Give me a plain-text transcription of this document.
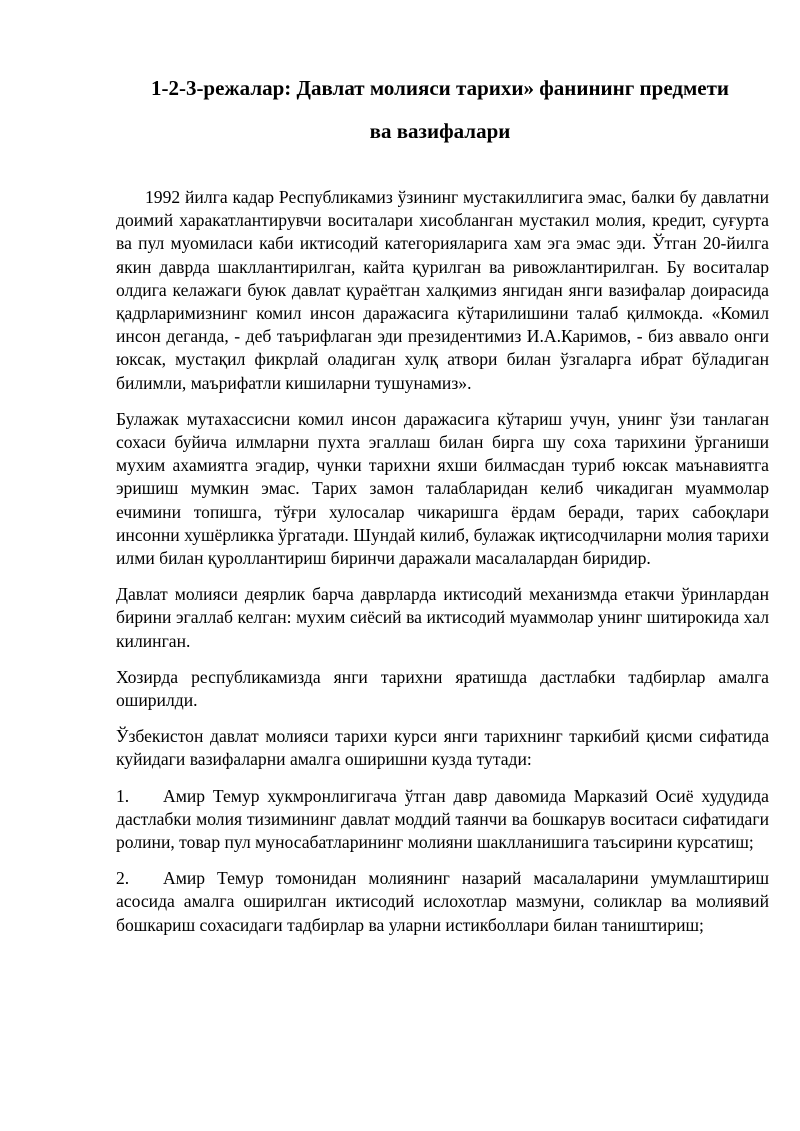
1-2-3-режалар: Давлат молияси тарихи» фанининг предмети
ва вазифалари

1992 йилга кадар Республикамиз ўзининг мустакиллигига эмас, балки бу давлатни доимий харакатлантирувчи воситалари хисобланган мустакил молия, кредит, суғурта ва пул муомиласи каби иктисодий категорияларига хам эга эмас эди. Ўтган 20-йилга якин даврда шакллантирилган, кайта қурилган ва ривожлантирилган. Бу воситалар олдига келажаги буюк давлат қураётган халқимиз янгидан янги вазифалар доирасида қадрларимизнинг комил инсон даражасига кўтарилишини талаб қилмокда. «Комил инсон деганда, - деб таърифлаган эди президентимиз И.А.Каримов, - биз аввало онги юксак, мустақил фикрлай оладиган хулқ атвори билан ўзгаларга ибрат бўладиган билимли, маърифатли кишиларни тушунамиз».

Булажак мутахассисни комил инсон даражасига кўтариш учун, унинг ўзи танлаган сохаси буйича илмларни пухта эгаллаш билан бирга шу соха тарихини ўрганиши мухим ахамиятга эгадир, чунки тарихни яхши билмасдан туриб юксак маънавиятга эришиш мумкин эмас. Тарих замон талабларидан келиб чикадиган муаммолар ечимини топишга, тўғри хулосалар чикаришга ёрдам беради, тарих сабоқлари инсонни хушёрликка ўргатади. Шундай килиб, булажак иқтисодчиларни молия тарихи илми билан қуроллантириш биринчи даражали масалалардан биридир.

Давлат молияси деярлик барча даврларда иктисодий механизмда етакчи ўринлардан бирини эгаллаб келган: мухим сиёсий ва иктисодий муаммолар унинг шитирокида хал килинган.

Хозирда республикамизда янги тарихни яратишда дастлабки тадбирлар амалга оширилди.

Ўзбекистон давлат молияси тарихи курси янги тарихнинг таркибий қисми сифатида куйидаги вазифаларни амалга оширишни кузда тутади:

1. Амир Темур хукмронлигигача ўтган давр давомида Марказий Осиё худудида дастлабки молия тизимининг давлат моддий таянчи ва бошкарув воситаси сифатидаги ролини, товар пул муносабатларининг молияни шаклланишига таъсирини курсатиш;

2. Амир Темур томонидан молиянинг назарий масалаларини умумлаштириш асосида амалга оширилган иктисодий ислохотлар мазмуни, соликлар ва молиявий бошкариш сохасидаги тадбирлар ва уларни истикболлари билан таништириш;
